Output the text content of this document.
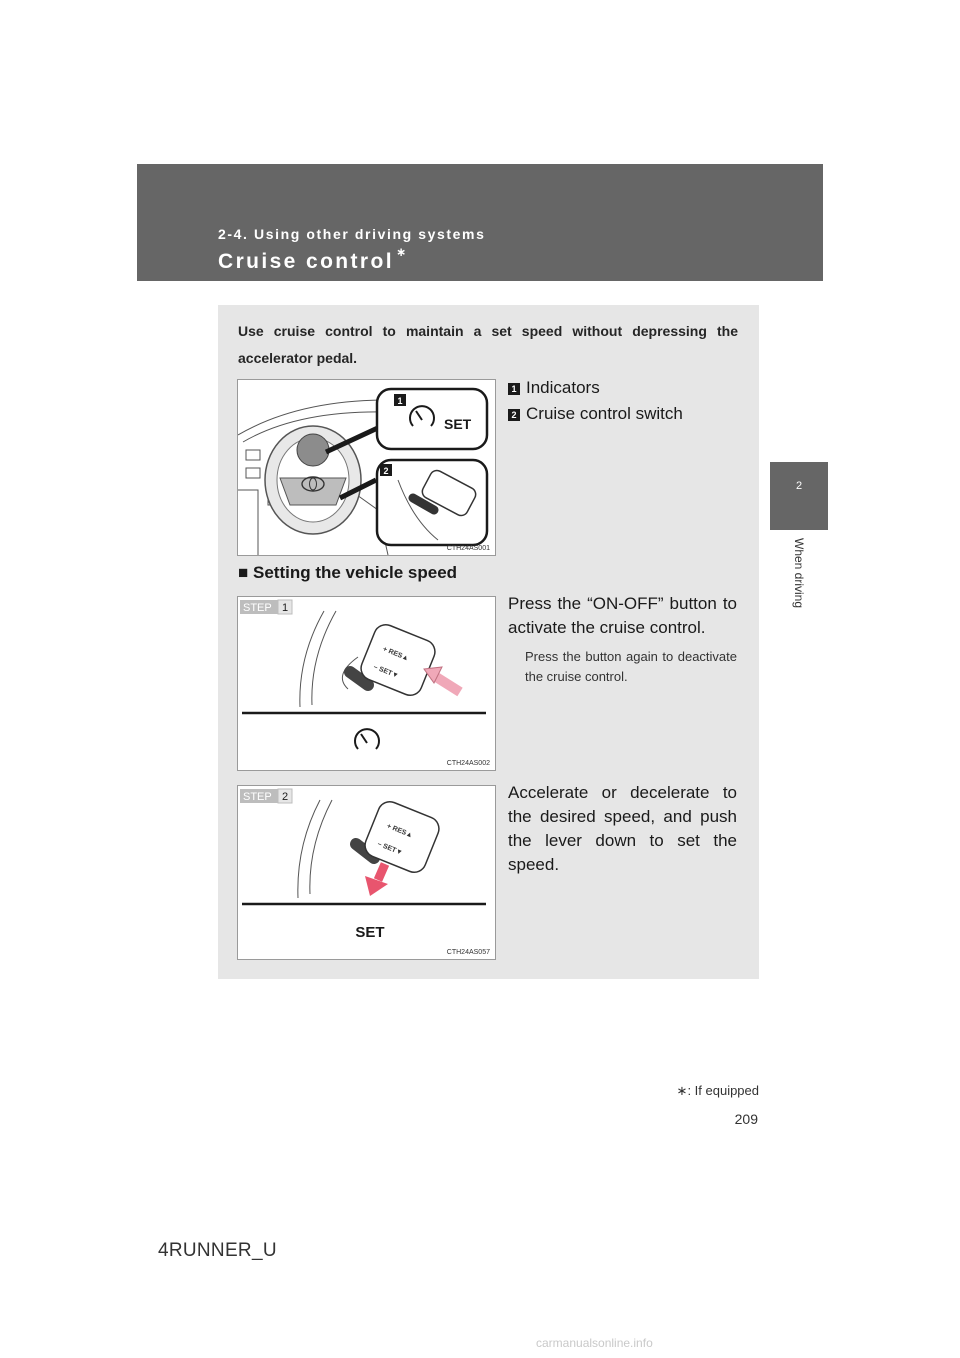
2-4. Using other driving systems
Cruise control ∗
2
When driving
Use cruise control to maintain a set speed without depressing the accelerator pedal.
SET
1
2
CTH24AS001
1 Indicators
2 Cruise control switch
■ Setting the vehicle speed
STEP 1
+ RES▲
– SET▼
CTH24AS002
Press the “ON-OFF” button to activate the cruise control.
Press the button again to deactivate the cruise control.
STEP 2
+ RES▲
– SET▼
SET
CTH24AS057
Accelerate or decelerate to the desired speed, and push the lever down to set the speed.
∗: If equipped
209
4RUNNER_U
carmanualsonline.info
